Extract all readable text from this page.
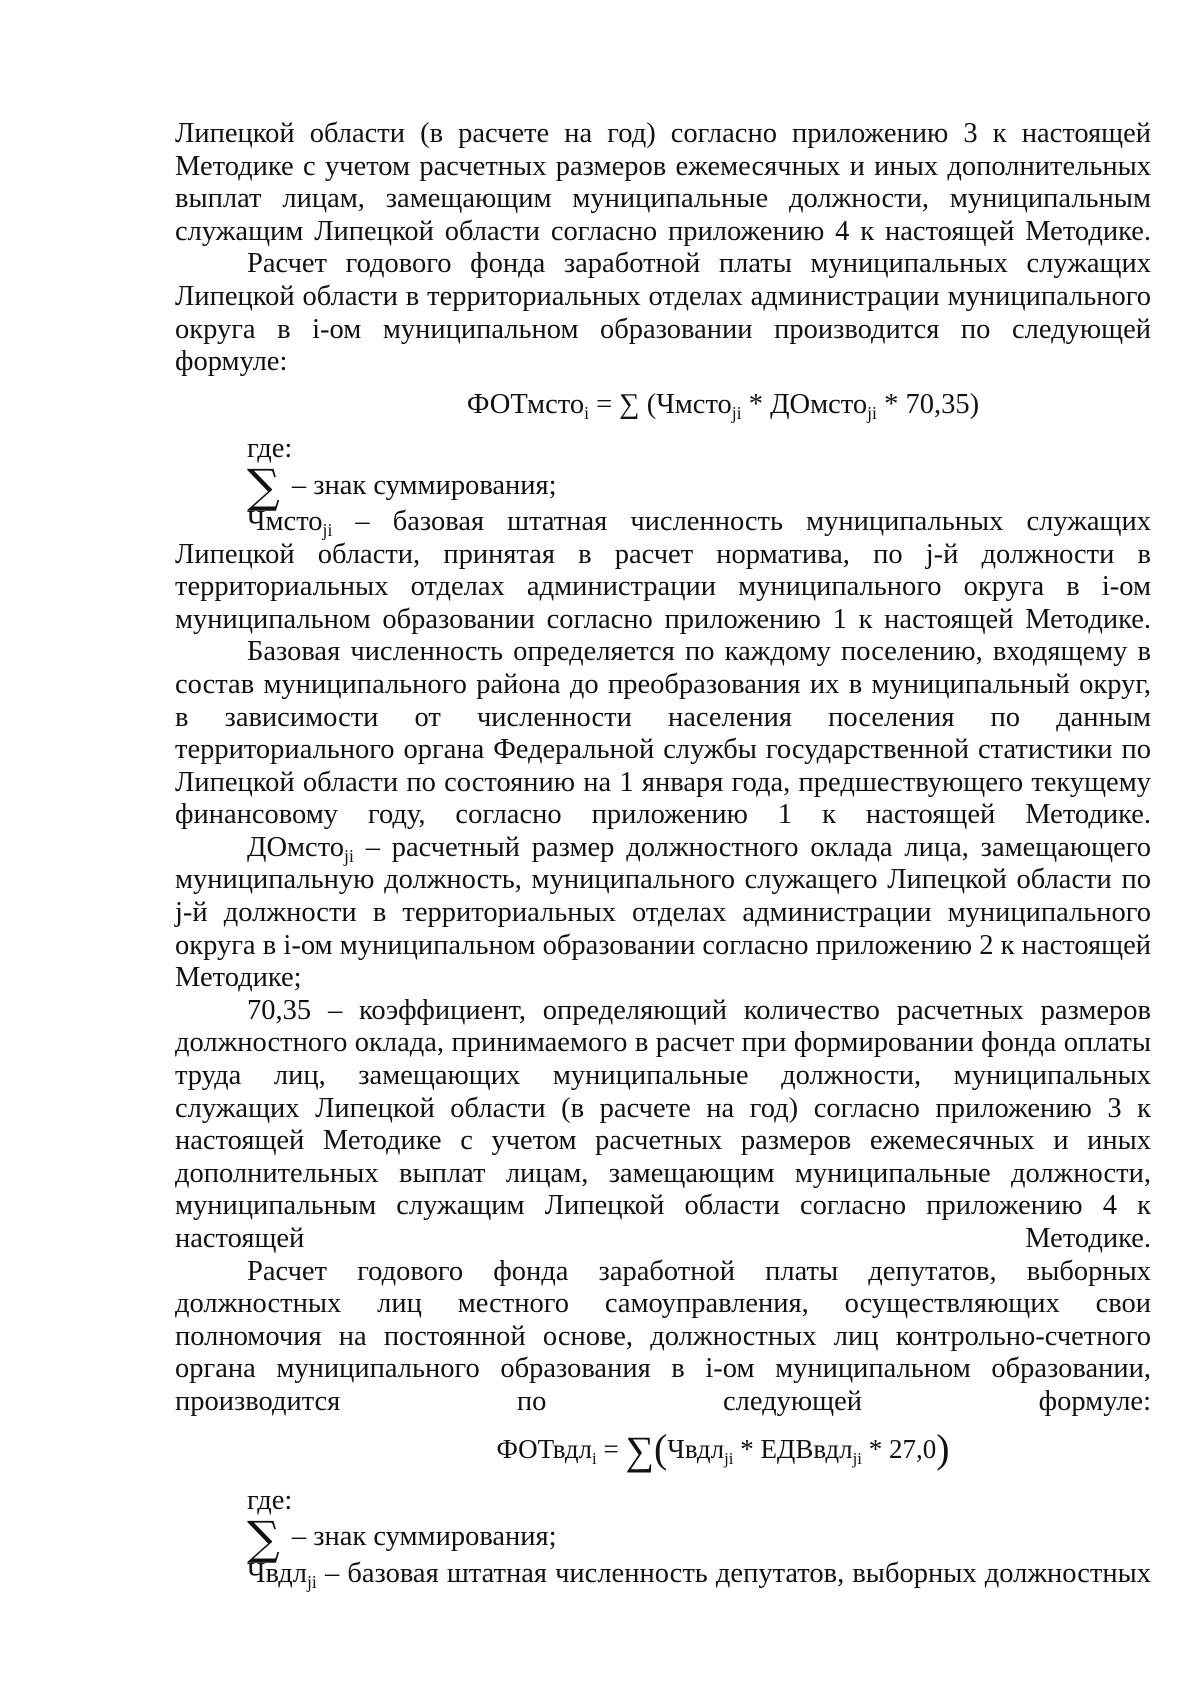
Липецкой области (в расчете на год) согласно приложению 3 к настоящей Методике с учетом расчетных размеров ежемесячных и иных дополнительных выплат лицам, замещающим муниципальные должности, муниципальным служащим Липецкой области согласно приложению 4 к настоящей Методике.

Расчет годового фонда заработной платы муниципальных служащих Липецкой области в территориальных отделах администрации муниципального округа в i-ом муниципальном образовании производится по следующей формуле:

ФОТмсто$_i$ = ∑ (Чмсто$_{ji}$ * ДОмсто$_{ji}$ * 70,35)

где:

∑ – знак суммирования;

Чмсто$_{ji}$ – базовая штатная численность муниципальных служащих Липецкой области, принятая в расчет норматива, по j-й должности в территориальных отделах администрации муниципального округа в i-ом муниципальном образовании согласно приложению 1 к настоящей Методике.

Базовая численность определяется по каждому поселению, входящему в состав муниципального района до преобразования их в муниципальный округ, в зависимости от численности населения поселения по данным территориального органа Федеральной службы государственной статистики по Липецкой области по состоянию на 1 января года, предшествующего текущему финансовому году, согласно приложению 1 к настоящей Методике.

ДОмсто$_{ji}$ – расчетный размер должностного оклада лица, замещающего муниципальную должность, муниципального служащего Липецкой области по j-й должности в территориальных отделах администрации муниципального округа в i-ом муниципальном образовании согласно приложению 2 к настоящей Методике;

70,35 – коэффициент, определяющий количество расчетных размеров должностного оклада, принимаемого в расчет при формировании фонда оплаты труда лиц, замещающих муниципальные должности, муниципальных служащих Липецкой области (в расчете на год) согласно приложению 3 к настоящей Методике с учетом расчетных размеров ежемесячных и иных дополнительных выплат лицам, замещающим муниципальные должности, муниципальным служащим Липецкой области согласно приложению 4 к настоящей Методике.

Расчет годового фонда заработной платы депутатов, выборных должностных лиц местного самоуправления, осуществляющих свои полномочия на постоянной основе, должностных лиц контрольно-счетного органа муниципального образования в i-ом муниципальном образовании, производится по следующей формуле:

ФОТвдл$_i$ = ∑(Чвдл$_{ji}$ * ЕДВвдл$_{ji}$ * 27,0)

где:

∑ – знак суммирования;

Чвдл$_{ji}$ – базовая штатная численность депутатов, выборных должностных
